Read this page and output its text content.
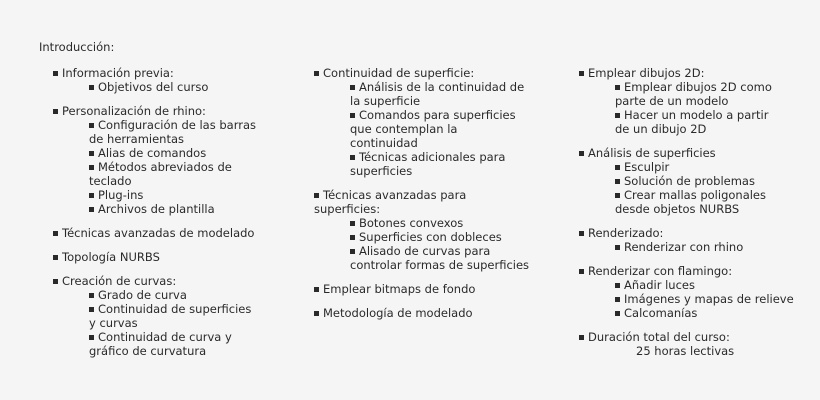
Introducción:
Información previa:
Objetivos del curso
Personalización de rhino:
Configuración de las barras de herramientas
Alias de comandos
Métodos abreviados de teclado
Plug-ins
Archivos de plantilla
Técnicas avanzadas de modelado
Topología NURBS
Creación de curvas:
Grado de curva
Continuidad de superficies y curvas
Continuidad de curva y gráfico de curvatura
Continuidad de superficie:
Análisis de la continuidad de la superficie
Comandos para superficies que contemplan la continuidad
Técnicas adicionales para superficies
Técnicas avanzadas para superficies:
Botones convexos
Superficies con dobleces
Alisado de curvas para controlar formas de superficies
Emplear bitmaps de fondo
Metodología de modelado
Emplear dibujos 2D:
Emplear dibujos 2D como parte de un modelo
Hacer un modelo a partir de un dibujo 2D
Análisis de superficies
Esculpir
Solución de problemas
Crear mallas poligonales desde objetos NURBS
Renderizado:
Renderizar con rhino
Renderizar con flamingo:
Añadir luces
Imágenes y mapas de relieve
Calcomanías
Duración total del curso:
25 horas lectivas
